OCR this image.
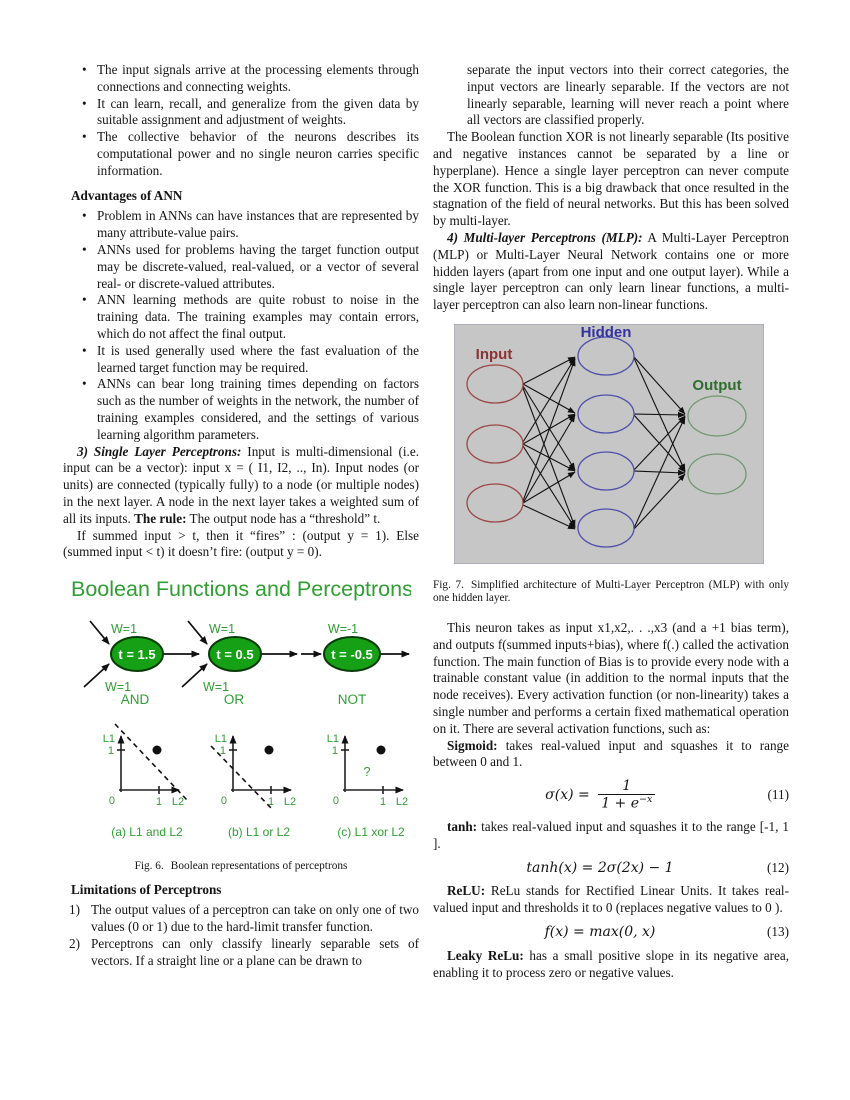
• The input signals arrive at the processing elements through connections and connecting weights.
• It can learn, recall, and generalize from the given data by suitable assignment and adjustment of weights.
• The collective behavior of the neurons describes its computational power and no single neuron carries specific information.

Advantages of ANN

• Problem in ANNs can have instances that are represented by many attribute-value pairs.
• ANNs used for problems having the target function output may be discrete-valued, real-valued, or a vector of several real- or discrete-valued attributes.
• ANN learning methods are quite robust to noise in the training data. The training examples may contain errors, which do not affect the final output.
• It is used generally used where the fast evaluation of the learned target function may be required.
• ANNs can bear long training times depending on factors such as the number of weights in the network, the number of training examples considered, and the settings of various learning algorithm parameters.

3) Single Layer Perceptrons: Input is multi-dimensional (i.e. input can be a vector): input x = ( I1, I2, .., In). Input nodes (or units) are connected (typically fully) to a node (or multiple nodes) in the next layer. A node in the next layer takes a weighted sum of all its inputs. The rule: The output node has a “threshold” t.

If summed input > t, then it “fires” : (output y = 1). Else (summed input < t) it doesn’t fire: (output y = 0).

Boolean Functions and Perceptrons
t = 1.5
W=1
W=1
AND
t = 0.5
W=1
W=1
OR
t = -0.5
W=-1
NOT
L1
1
0	1 L2
(a) L1 and L2
L1
1
0	1 L2
(b) L1 or L2
L1
1
0	1 L2
?
(c) L1 xor L2
Fig. 6. Boolean representations of perceptrons

Limitations of Perceptrons

1) The output values of a perceptron can take on only one of two values (0 or 1) due to the hard-limit transfer function.
2) Perceptrons can only classify linearly separable sets of vectors. If a straight line or a plane can be drawn to

separate the input vectors into their correct categories, the input vectors are linearly separable. If the vectors are not linearly separable, learning will never reach a point where all vectors are classified properly.

The Boolean function XOR is not linearly separable (Its positive and negative instances cannot be separated by a line or hyperplane). Hence a single layer perceptron can never compute the XOR function. This is a big drawback that once resulted in the stagnation of the field of neural networks. But this has been solved by multi-layer.

4) Multi-layer Perceptrons (MLP): A Multi-Layer Perceptron (MLP) or Multi-Layer Neural Network contains one or more hidden layers (apart from one input and one output layer). While a single layer perceptron can only learn linear functions, a multi-layer perceptron can also learn non-linear functions.

Input
Hidden
Output
Fig. 7. Simplified architecture of Multi-Layer Perceptron (MLP) with only one hidden layer.

This neuron takes as input x1,x2,. . .,x3 (and a +1 bias term), and outputs f(summed inputs+bias), where f(.) called the activation function. The main function of Bias is to provide every node with a trainable constant value (in addition to the normal inputs that the node receives). Every activation function (or non-linearity) takes a single number and performs a certain fixed mathematical operation on it. There are several activation functions, such as:

Sigmoid: takes real-valued input and squashes it to range between 0 and 1.

$\sigma(x) = \frac{1}{1 + e^{-x}}$	(11)

tanh: takes real-valued input and squashes it to the range [-1, 1 ].

tanh(x) = 2σ(2x) − 1	(12)

ReLU: ReLu stands for Rectified Linear Units. It takes real-valued input and thresholds it to 0 (replaces negative values to 0 ).

f(x) = max(0, x)	(13)

Leaky ReLu: has a small positive slope in its negative area, enabling it to process zero or negative values.
